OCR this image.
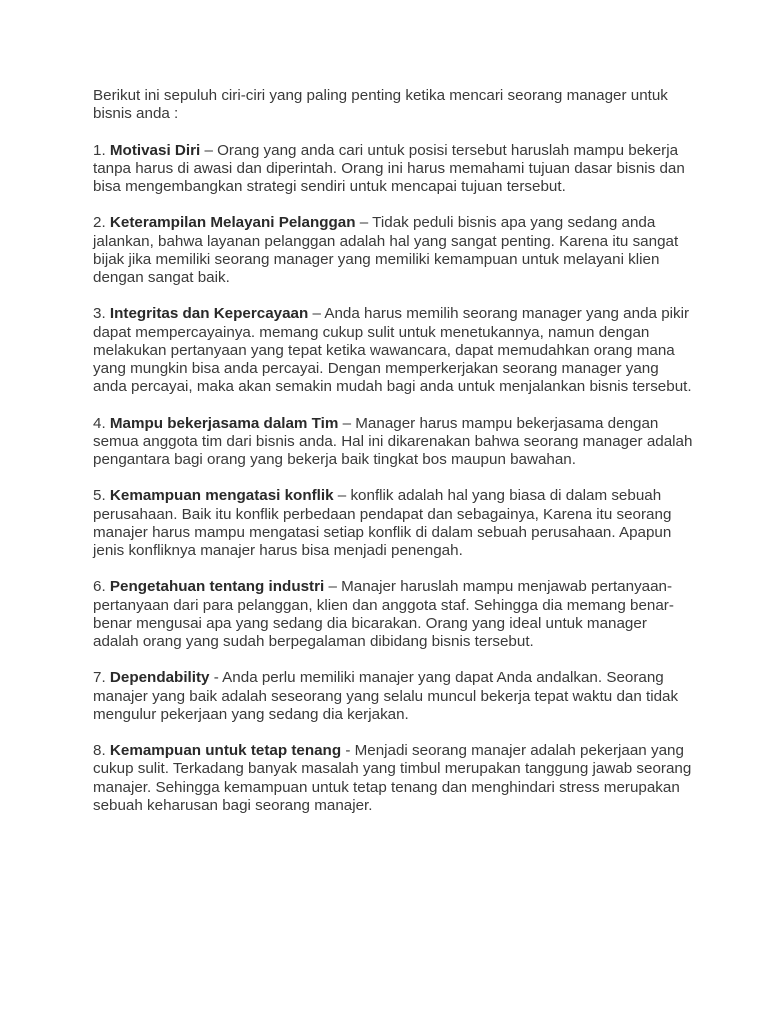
Berikut ini sepuluh ciri-ciri yang paling penting ketika mencari seorang manager untuk bisnis anda :

1. Motivasi Diri – Orang yang anda cari untuk posisi tersebut haruslah mampu bekerja tanpa harus di awasi dan diperintah. Orang ini harus memahami tujuan dasar bisnis dan bisa mengembangkan strategi sendiri untuk mencapai tujuan tersebut.

2. Keterampilan Melayani Pelanggan – Tidak peduli bisnis apa yang sedang anda jalankan, bahwa layanan pelanggan adalah hal yang sangat penting. Karena itu sangat bijak jika memiliki seorang manager yang memiliki kemampuan untuk melayani klien dengan sangat baik.

3. Integritas dan Kepercayaan – Anda harus memilih seorang manager yang anda pikir dapat mempercayainya. memang cukup sulit untuk menetukannya, namun dengan melakukan pertanyaan yang tepat ketika wawancara, dapat memudahkan orang mana yang mungkin bisa anda percayai. Dengan memperkerjakan seorang manager yang anda percayai, maka akan semakin mudah bagi anda untuk menjalankan bisnis tersebut.

4. Mampu bekerjasama dalam Tim – Manager harus mampu bekerjasama dengan semua anggota tim dari bisnis anda. Hal ini dikarenakan bahwa seorang manager adalah pengantara bagi orang yang bekerja baik tingkat bos maupun bawahan.

5. Kemampuan mengatasi konflik – konflik adalah hal yang biasa di dalam sebuah perusahaan. Baik itu konflik perbedaan pendapat dan sebagainya, Karena itu seorang manajer harus mampu mengatasi setiap konflik di dalam sebuah perusahaan. Apapun jenis konfliknya manajer harus bisa menjadi penengah.

6. Pengetahuan tentang industri – Manajer haruslah mampu menjawab pertanyaan-pertanyaan dari para pelanggan, klien dan anggota staf. Sehingga dia memang benar-benar mengusai apa yang sedang dia bicarakan. Orang yang ideal untuk manager adalah orang yang sudah berpegalaman dibidang bisnis tersebut.

7. Dependability - Anda perlu memiliki manajer yang dapat Anda andalkan. Seorang manajer yang baik adalah seseorang yang selalu muncul bekerja tepat waktu dan tidak mengulur pekerjaan yang sedang dia kerjakan.

8. Kemampuan untuk tetap tenang - Menjadi seorang manajer adalah pekerjaan yang cukup sulit. Terkadang banyak masalah yang timbul merupakan tanggung jawab seorang manajer. Sehingga kemampuan untuk tetap tenang dan menghindari stress merupakan sebuah keharusan bagi seorang manajer.
